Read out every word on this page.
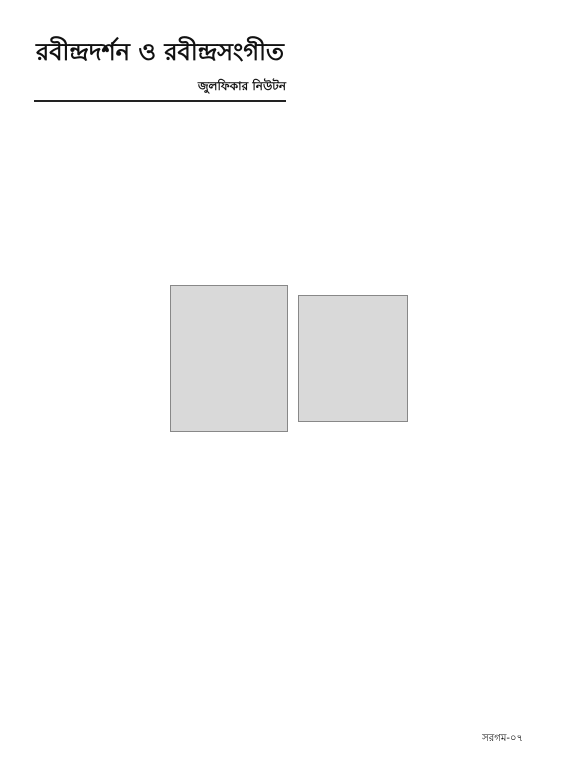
রবীন্দ্রদর্শন ও রবীন্দ্রসংগীত

জুলফিকার নিউটন

সরগম-০৭
